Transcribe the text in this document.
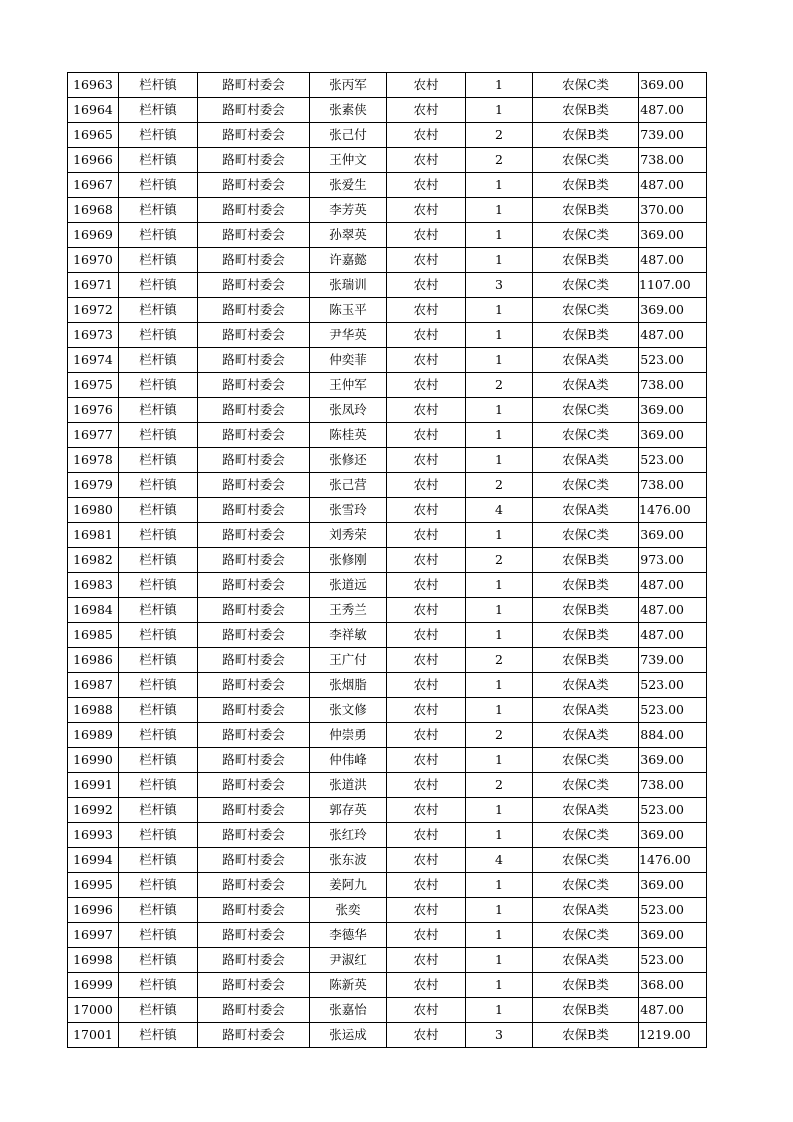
16963	栏杆镇	路町村委会	张丙军	农村	1	农保C类	369.00
16964	栏杆镇	路町村委会	张素侠	农村	1	农保B类	487.00
16965	栏杆镇	路町村委会	张己付	农村	2	农保B类	739.00
16966	栏杆镇	路町村委会	王仲文	农村	2	农保C类	738.00
16967	栏杆镇	路町村委会	张爱生	农村	1	农保B类	487.00
16968	栏杆镇	路町村委会	李芳英	农村	1	农保B类	370.00
16969	栏杆镇	路町村委会	孙翠英	农村	1	农保C类	369.00
16970	栏杆镇	路町村委会	许嘉懿	农村	1	农保B类	487.00
16971	栏杆镇	路町村委会	张瑞训	农村	3	农保C类	1107.00
16972	栏杆镇	路町村委会	陈玉平	农村	1	农保C类	369.00
16973	栏杆镇	路町村委会	尹华英	农村	1	农保B类	487.00
16974	栏杆镇	路町村委会	仲奕菲	农村	1	农保A类	523.00
16975	栏杆镇	路町村委会	王仲军	农村	2	农保A类	738.00
16976	栏杆镇	路町村委会	张凤玲	农村	1	农保C类	369.00
16977	栏杆镇	路町村委会	陈桂英	农村	1	农保C类	369.00
16978	栏杆镇	路町村委会	张修还	农村	1	农保A类	523.00
16979	栏杆镇	路町村委会	张己营	农村	2	农保C类	738.00
16980	栏杆镇	路町村委会	张雪玲	农村	4	农保A类	1476.00
16981	栏杆镇	路町村委会	刘秀荣	农村	1	农保C类	369.00
16982	栏杆镇	路町村委会	张修刚	农村	2	农保B类	973.00
16983	栏杆镇	路町村委会	张道远	农村	1	农保B类	487.00
16984	栏杆镇	路町村委会	王秀兰	农村	1	农保B类	487.00
16985	栏杆镇	路町村委会	李祥敏	农村	1	农保B类	487.00
16986	栏杆镇	路町村委会	王广付	农村	2	农保B类	739.00
16987	栏杆镇	路町村委会	张烟脂	农村	1	农保A类	523.00
16988	栏杆镇	路町村委会	张文修	农村	1	农保A类	523.00
16989	栏杆镇	路町村委会	仲崇勇	农村	2	农保A类	884.00
16990	栏杆镇	路町村委会	仲伟峰	农村	1	农保C类	369.00
16991	栏杆镇	路町村委会	张道洪	农村	2	农保C类	738.00
16992	栏杆镇	路町村委会	郭存英	农村	1	农保A类	523.00
16993	栏杆镇	路町村委会	张红玲	农村	1	农保C类	369.00
16994	栏杆镇	路町村委会	张东波	农村	4	农保C类	1476.00
16995	栏杆镇	路町村委会	姜阿九	农村	1	农保C类	369.00
16996	栏杆镇	路町村委会	张奕	农村	1	农保A类	523.00
16997	栏杆镇	路町村委会	李德华	农村	1	农保C类	369.00
16998	栏杆镇	路町村委会	尹淑红	农村	1	农保A类	523.00
16999	栏杆镇	路町村委会	陈新英	农村	1	农保B类	368.00
17000	栏杆镇	路町村委会	张嘉怡	农村	1	农保B类	487.00
17001	栏杆镇	路町村委会	张运成	农村	3	农保B类	1219.00
